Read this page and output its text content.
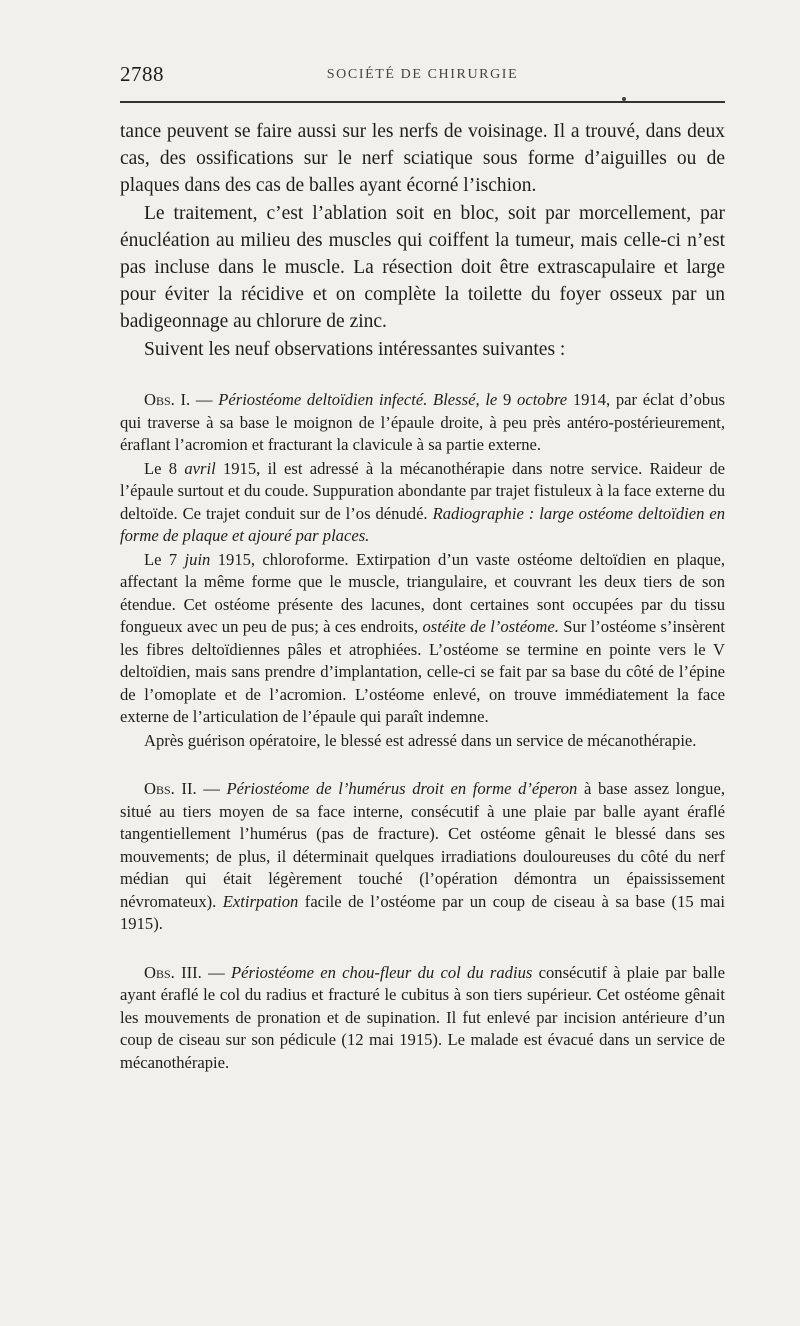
2788	SOCIÉTÉ DE CHIRURGIE

tance peuvent se faire aussi sur les nerfs de voisinage. Il a trouvé, dans deux cas, des ossifications sur le nerf sciatique sous forme d’aiguilles ou de plaques dans des cas de balles ayant écorné l’ischion.

Le traitement, c’est l’ablation soit en bloc, soit par morcellement, par énucléation au milieu des muscles qui coiffent la tumeur, mais celle-ci n’est pas incluse dans le muscle. La résection doit être extrascapulaire et large pour éviter la récidive et on complète la toilette du foyer osseux par un badigeonnage au chlorure de zinc.

Suivent les neuf observations intéressantes suivantes :

Obs. I. — Périostéome deltoïdien infecté. Blessé, le 9 octobre 1914, par éclat d’obus qui traverse à sa base le moignon de l’épaule droite, à peu près antéro-postérieurement, éraflant l’acromion et fracturant la clavicule à sa partie externe.

Le 8 avril 1915, il est adressé à la mécanothérapie dans notre service. Raideur de l’épaule surtout et du coude. Suppuration abondante par trajet fistuleux à la face externe du deltoïde. Ce trajet conduit sur de l’os dénudé. Radiographie : large ostéome deltoïdien en forme de plaque et ajouré par places.

Le 7 juin 1915, chloroforme. Extirpation d’un vaste ostéome deltoïdien en plaque, affectant la même forme que le muscle, triangulaire, et couvrant les deux tiers de son étendue. Cet ostéome présente des lacunes, dont certaines sont occupées par du tissu fongueux avec un peu de pus; à ces endroits, ostéite de l’ostéome. Sur l’ostéome s’insèrent les fibres deltoïdiennes pâles et atrophiées. L’ostéome se termine en pointe vers le V deltoïdien, mais sans prendre d’implantation, celle-ci se fait par sa base du côté de l’épine de l’omoplate et de l’acromion. L’ostéome enlevé, on trouve immédiatement la face externe de l’articulation de l’épaule qui paraît indemne.

Après guérison opératoire, le blessé est adressé dans un service de mécanothérapie.

Obs. II. — Périostéome de l’humérus droit en forme d’éperon à base assez longue, situé au tiers moyen de sa face interne, consécutif à une plaie par balle ayant éraflé tangentiellement l’humérus (pas de fracture). Cet ostéome gênait le blessé dans ses mouvements; de plus, il déterminait quelques irradiations douloureuses du côté du nerf médian qui était légèrement touché (l’opération démontra un épaississement névromateux). Extirpation facile de l’ostéome par un coup de ciseau à sa base (15 mai 1915).

Obs. III. — Périostéome en chou-fleur du col du radius consécutif à plaie par balle ayant éraflé le col du radius et fracturé le cubitus à son tiers supérieur. Cet ostéome gênait les mouvements de pronation et de supination. Il fut enlevé par incision antérieure d’un coup de ciseau sur son pédicule (12 mai 1915). Le malade est évacué dans un service de mécanothérapie.
